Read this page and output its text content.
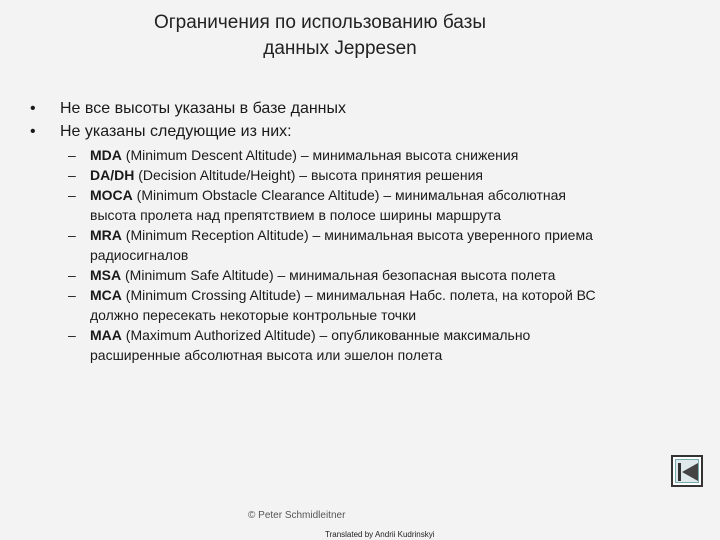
Ограничения по использованию базы
данных Jeppesen
•	Не все высоты указаны в базе данных
•	Не указаны следующие из них:
–	MDA (Minimum Descent Altitude) – минимальная высота снижения
–	DA/DH (Decision Altitude/Height) – высота принятия решения
–	MOCA (Minimum Obstacle Clearance Altitude) – минимальная абсолютная
высота пролета над препятствием в полосе ширины маршрута
–	MRA (Minimum Reception Altitude) – минимальная высота уверенного приема
радиосигналов
–	MSA (Minimum Safe Altitude) – минимальная безопасная высота полета
–	MCA (Minimum Crossing Altitude) – минимальная Набс. полета, на которой ВС
должно пересекать некоторые контрольные точки
–	MAA (Maximum Authorized Altitude) – опубликованные максимально
расширенные абсолютная высота или эшелон полета
© Peter Schmidleitner
Translated by Andrii Kudrinskyi
